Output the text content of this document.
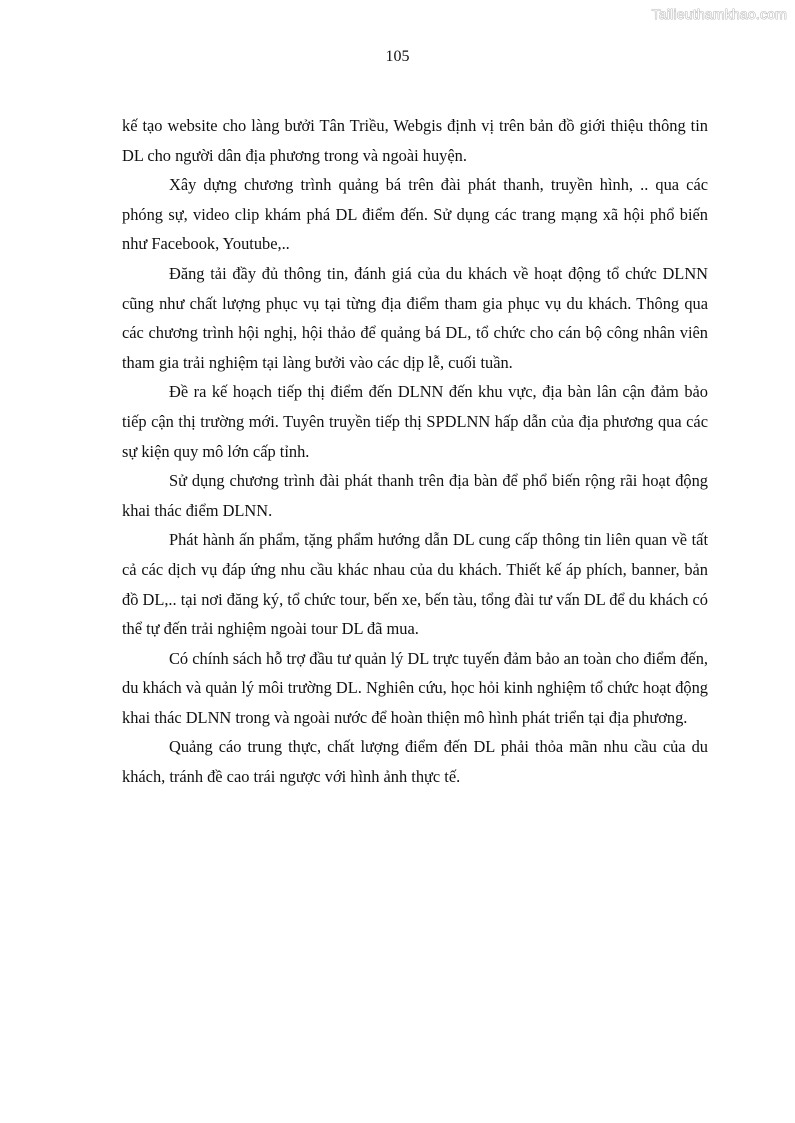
Tailieuthamkhao.com
105

kế tạo website cho làng bưởi Tân Triều, Webgis định vị trên bản đồ giới thiệu thông tin DL cho người dân địa phương trong và ngoài huyện.

Xây dựng chương trình quảng bá trên đài phát thanh, truyền hình, .. qua các phóng sự, video clip khám phá DL điểm đến. Sử dụng các trang mạng xã hội phổ biến như Facebook, Youtube,..

Đăng tải đầy đủ thông tin, đánh giá của du khách về hoạt động tổ chức DLNN cũng như chất lượng phục vụ tại từng địa điểm tham gia phục vụ du khách. Thông qua các chương trình hội nghị, hội thảo để quảng bá DL, tổ chức cho cán bộ công nhân viên tham gia trải nghiệm tại làng bưởi vào các dịp lễ, cuối tuần.

Đề ra kế hoạch tiếp thị điểm đến DLNN đến khu vực, địa bàn lân cận đảm bảo tiếp cận thị trường mới. Tuyên truyền tiếp thị SPDLNN hấp dẫn của địa phương qua các sự kiện quy mô lớn cấp tỉnh.

Sử dụng chương trình đài phát thanh trên địa bàn để phổ biến rộng rãi hoạt động khai thác điểm DLNN.

Phát hành ấn phẩm, tặng phẩm hướng dẫn DL cung cấp thông tin liên quan về tất cả các dịch vụ đáp ứng nhu cầu khác nhau của du khách. Thiết kế áp phích, banner, bản đồ DL,.. tại nơi đăng ký, tổ chức tour, bến xe, bến tàu, tổng đài tư vấn DL để du khách có thể tự đến trải nghiệm ngoài tour DL đã mua.

Có chính sách hỗ trợ đầu tư quản lý DL trực tuyến đảm bảo an toàn cho điểm đến, du khách và quản lý môi trường DL. Nghiên cứu, học hỏi kinh nghiệm tổ chức hoạt động khai thác DLNN trong và ngoài nước để hoàn thiện mô hình phát triển tại địa phương.

Quảng cáo trung thực, chất lượng điểm đến DL phải thỏa mãn nhu cầu của du khách, tránh đề cao trái ngược với hình ảnh thực tế.
